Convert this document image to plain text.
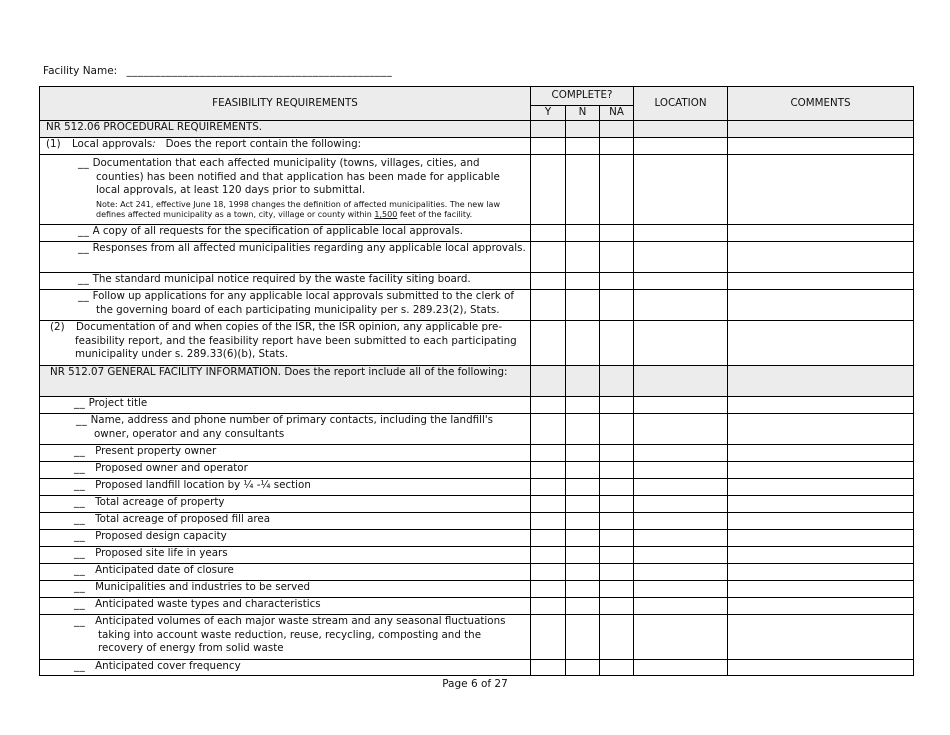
Facility Name: _______________________________________________
FEASIBILITY REQUIREMENTS	COMPLETE?			LOCATION	COMMENTS
	Y	N	NA		
NR 512.06 PROCEDURAL REQUIREMENTS.					
(1) Local approvals: Does the report contain the following:					

__ Documentation that each affected municipality (towns, villages, cities, and counties) has been notified and that application has been made for applicable local approvals, at least 120 days prior to submittal.
Note: Act 241, effective June 18, 1998 changes the definition of affected municipalities. The new law defines affected municipality as a town, city, village or county within 1,500 feet of the facility.					

__ A copy of all requests for the specification of applicable local approvals.					

__ Responses from all affected municipalities regarding any applicable local approvals.					

__ The standard municipal notice required by the waste facility siting board.					

__ Follow up applications for any applicable local approvals submitted to the clerk of the governing board of each participating municipality per s. 289.23(2), Stats.					

(2) Documentation of and when copies of the ISR, the ISR opinion, any applicable pre-feasibility report, and the feasibility report have been submitted to each participating municipality under s. 289.33(6)(b), Stats.					

NR 512.07 GENERAL FACILITY INFORMATION. Does the report include all of the following:					

__ Project title					

__ Name, address and phone number of primary contacts, including the landfill's owner, operator and any consultants					

__ Present property owner					

__ Proposed owner and operator					

__ Proposed landfill location by ¼ -¼ section					

__ Total acreage of property					

__ Total acreage of proposed fill area					

__ Proposed design capacity					

__ Proposed site life in years					

__ Anticipated date of closure					

__ Municipalities and industries to be served					

__ Anticipated waste types and characteristics					

__ Anticipated volumes of each major waste stream and any seasonal fluctuations taking into account waste reduction, reuse, recycling, composting and the recovery of energy from solid waste					

__ Anticipated cover frequency					

Page 6 of 27
